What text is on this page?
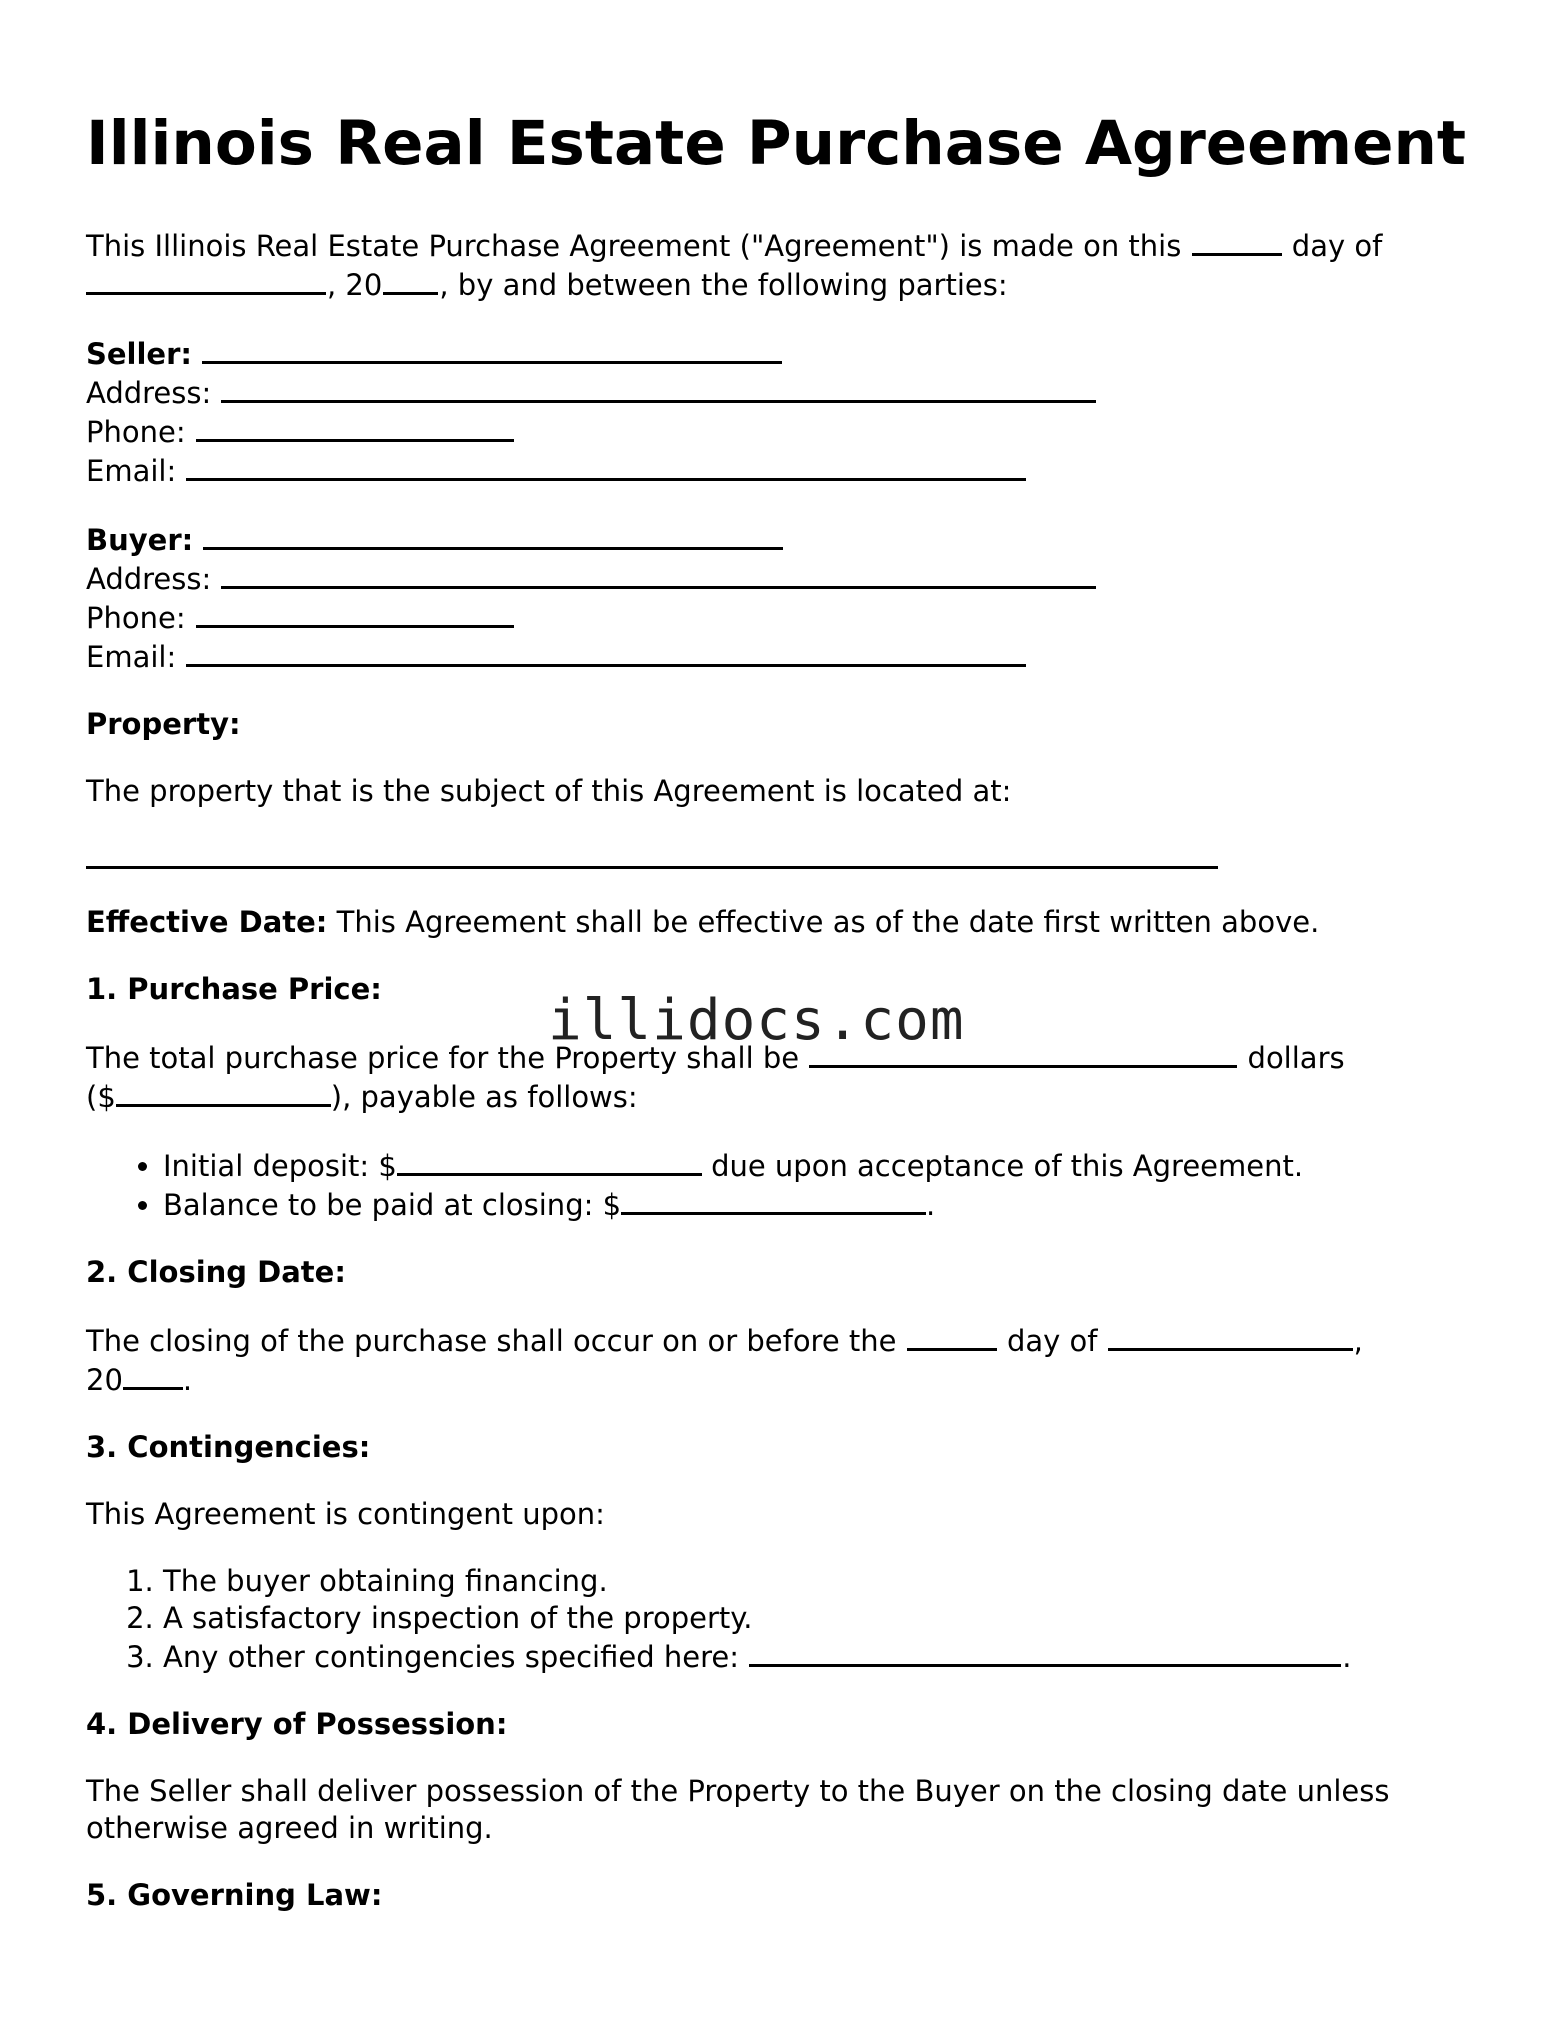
Illinois Real Estate Purchase Agreement

This Illinois Real Estate Purchase Agreement ("Agreement") is made on this	day of
, 20 , by and between the following parties:

Seller:
Address:
Phone:
Email:
Buyer:
Address:
Phone:
Email:

Property:

The property that is the subject of this Agreement is located at:

Effective Date: This Agreement shall be effective as of the date first written above.

1. Purchase Price:

The total purchase price for the Property shall be	dollars
($	), payable as follows:

• Initial deposit: $	due upon acceptance of this Agreement.
• Balance to be paid at closing: $	.

2. Closing Date:

The closing of the purchase shall occur on or before the	day of	,
20 .

3. Contingencies:

This Agreement is contingent upon:

1. The buyer obtaining financing.
2. A satisfactory inspection of the property.
3. Any other contingencies specified here:	.

4. Delivery of Possession:

The Seller shall deliver possession of the Property to the Buyer on the closing date unless otherwise agreed in writing.

5. Governing Law:

illidocs.com
